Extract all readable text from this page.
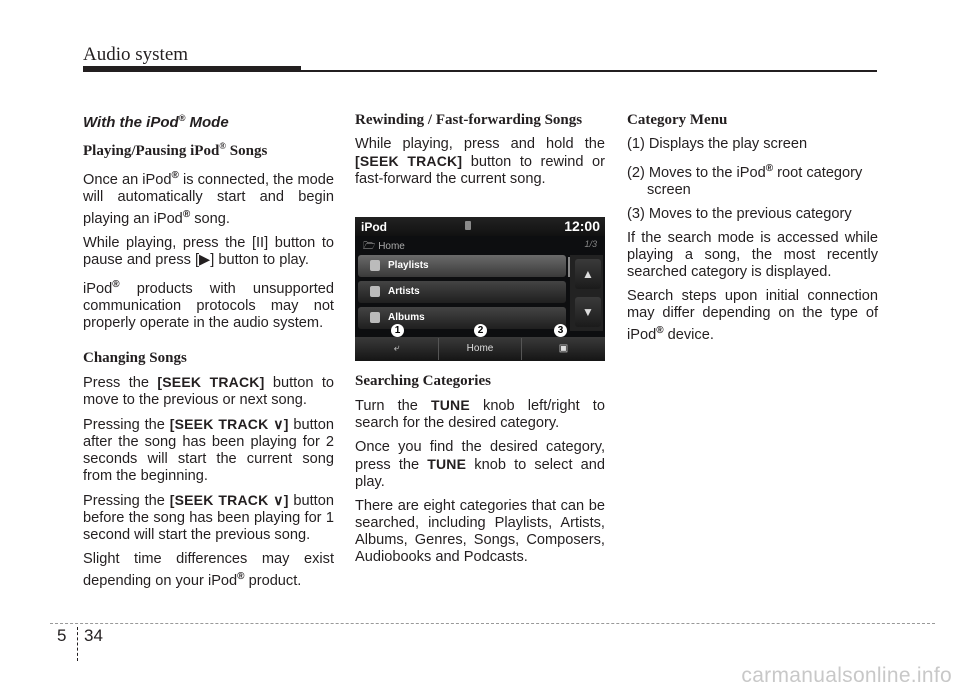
Audio system

With the iPod® Mode

Playing/Pausing iPod® Songs

Once an iPod® is connected, the mode will automatically start and begin playing an iPod® song.

While playing, press the [II] button to pause and press [▶] button to play.

iPod® products with unsupported communication protocols may not properly operate in the audio system.

Changing Songs

Press the [SEEK TRACK] button to move to the previous or next song.

Pressing the [SEEK TRACK ∨] button after the song has been playing for 2 seconds will start the current song from the beginning.

Pressing the [SEEK TRACK ∨] button before the song has been playing for 1 second will start the previous song.

Slight time differences may exist depending on your iPod® product.

Rewinding / Fast-forwarding Songs

While playing, press and hold the [SEEK TRACK] button to rewind or fast-forward the current song.

Searching Categories

Turn the TUNE knob left/right to search for the desired category.

Once you find the desired category, press the TUNE knob to select and play.

There are eight categories that can be searched, including Playlists, Artists, Albums, Genres, Songs, Composers, Audiobooks and Podcasts.

iPod	12:00
🗁 Home	1/3
Playlists
Artists
Albums
▲
▼
⤶	Home	▣
1	2	3

Category Menu

(1) Displays the play screen

(2) Moves to the iPod® root category screen

(3) Moves to the previous category

If the search mode is accessed while playing a song, the most recently searched category is displayed.

Search steps upon initial connection may differ depending on the type of iPod® device.

5 34
carmanualsonline.info
